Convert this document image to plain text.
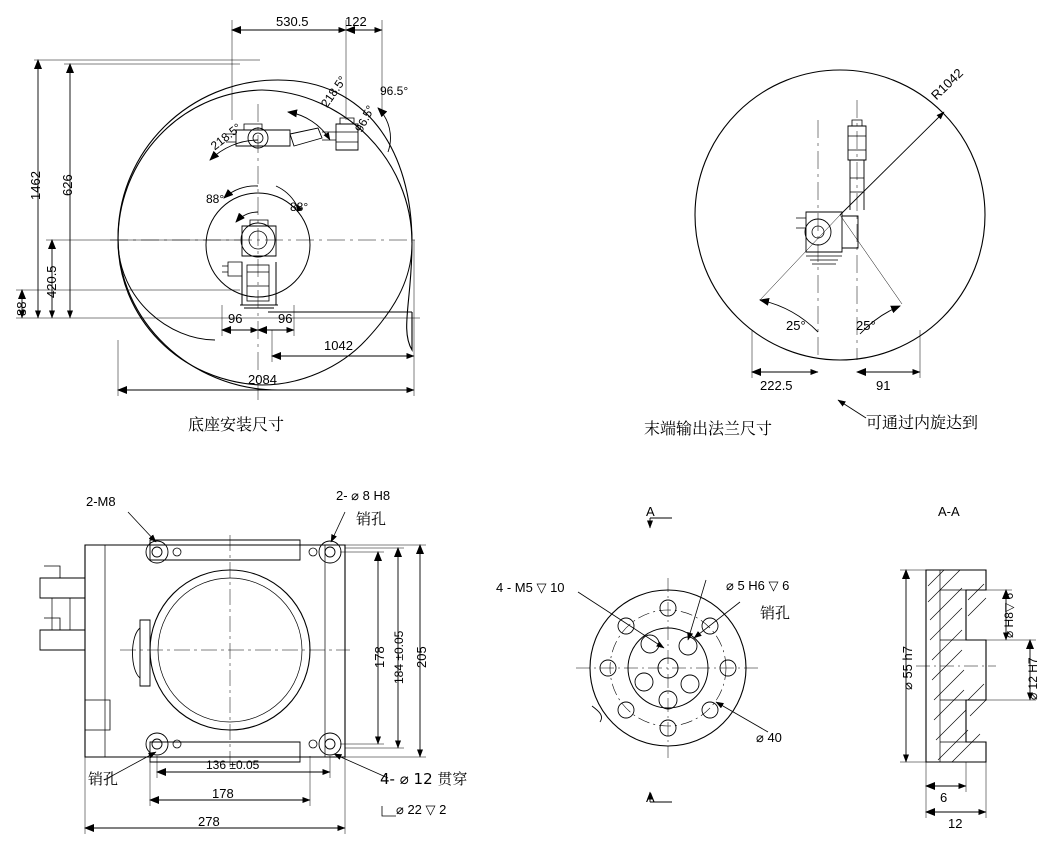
530.5	122
218.5°	96.5°
96.5°
218.5°
88°
88°
1462 626
420.5
88
96	96
1042
2084
底座安装尺寸
R1042
25°	25°
222.5	91
末端输出法兰尺寸	可通过内旋达到
2-M8	2- ⌀ 8 H8
销孔
销孔	4- ⌀ 12 贯穿
⌀ 22 ▽ 2
178 184 ±0.05 205
136 ±0.05
178
278
4 - M5 ▽ 10	⌀ 5 H6 ▽ 6
销孔
⌀ 40
A
A
A-A
⌀ 55 h7
⌀ H8▽ 6
⌀ 12 H7
6
12
